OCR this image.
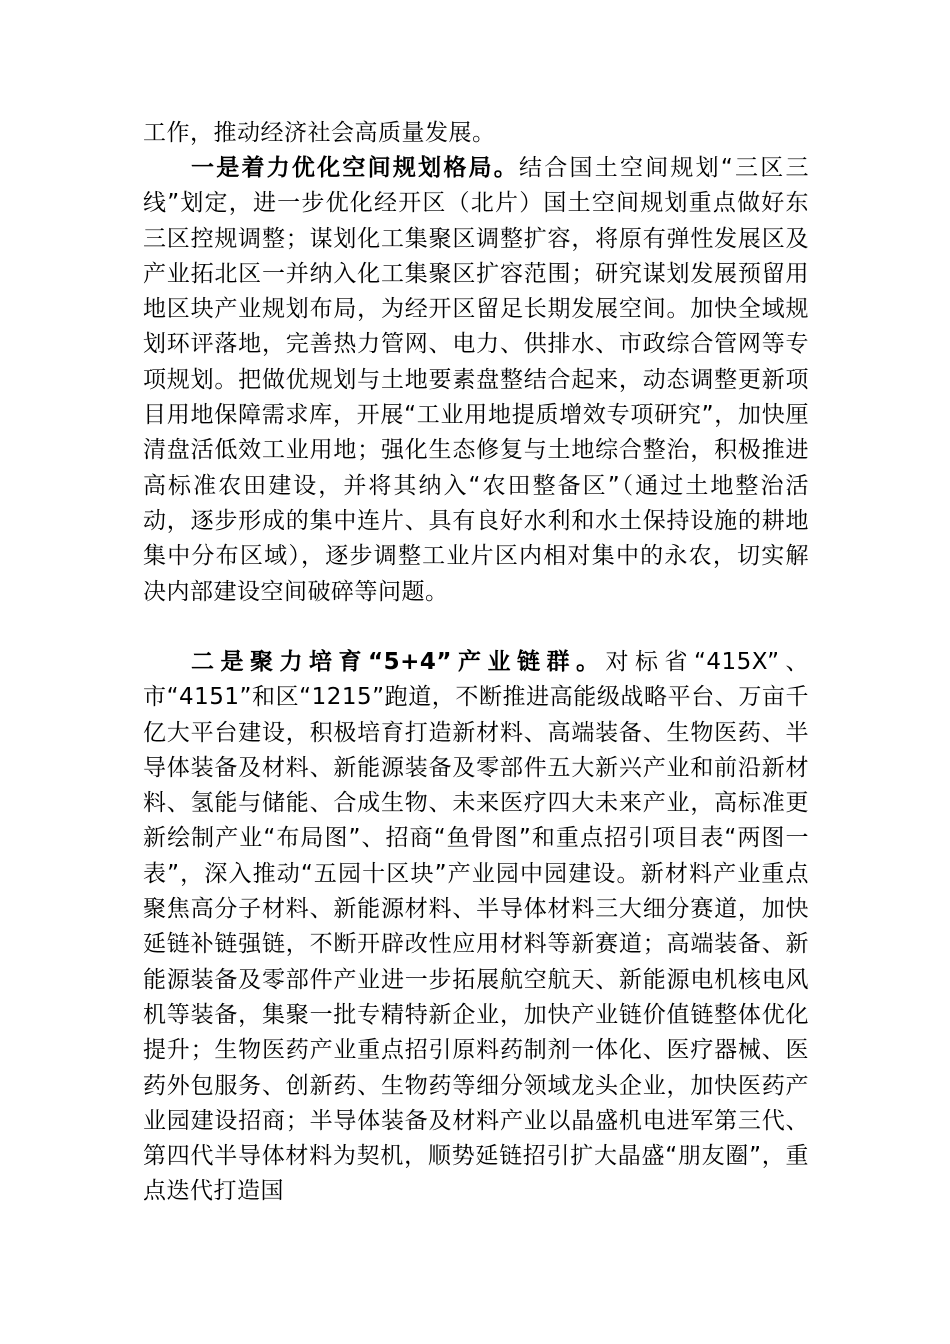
工作，推动经济社会高质量发展。

一是着力优化空间规划格局。结合国土空间规划“三区三线”划定，进一步优化经开区（北片）国土空间规划重点做好东三区控规调整；谋划化工集聚区调整扩容，将原有弹性发展区及产业拓北区一并纳入化工集聚区扩容范围；研究谋划发展预留用地区块产业规划布局，为经开区留足长期发展空间。加快全域规划环评落地，完善热力管网、电力、供排水、市政综合管网等专项规划。把做优规划与土地要素盘整结合起来，动态调整更新项目用地保障需求库，开展“工业用地提质增效专项研究”，加快厘清盘活低效工业用地；强化生态修复与土地综合整治，积极推进高标准农田建设，并将其纳入“农田整备区”（通过土地整治活动，逐步形成的集中连片、具有良好水利和水土保持设施的耕地集中分布区域），逐步调整工业片区内相对集中的永农，切实解决内部建设空间破碎等问题。

二是聚力培育“5+4”产业链群。对标省“415X”、市“4151”和区“1215”跑道，不断推进高能级战略平台、万亩千亿大平台建设，积极培育打造新材料、高端装备、生物医药、半导体装备及材料、新能源装备及零部件五大新兴产业和前沿新材料、氢能与储能、合成生物、未来医疗四大未来产业，高标准更新绘制产业“布局图”、招商“鱼骨图”和重点招引项目表“两图一表”，深入推动“五园十区块”产业园中园建设。新材料产业重点聚焦高分子材料、新能源材料、半导体材料三大细分赛道，加快延链补链强链，不断开辟改性应用材料等新赛道；高端装备、新能源装备及零部件产业进一步拓展航空航天、新能源电机核电风机等装备，集聚一批专精特新企业，加快产业链价值链整体优化提升；生物医药产业重点招引原料药制剂一体化、医疗器械、医药外包服务、创新药、生物药等细分领域龙头企业，加快医药产业园建设招商；半导体装备及材料产业以晶盛机电进军第三代、第四代半导体材料为契机，顺势延链招引扩大晶盛“朋友圈”，重点迭代打造国
